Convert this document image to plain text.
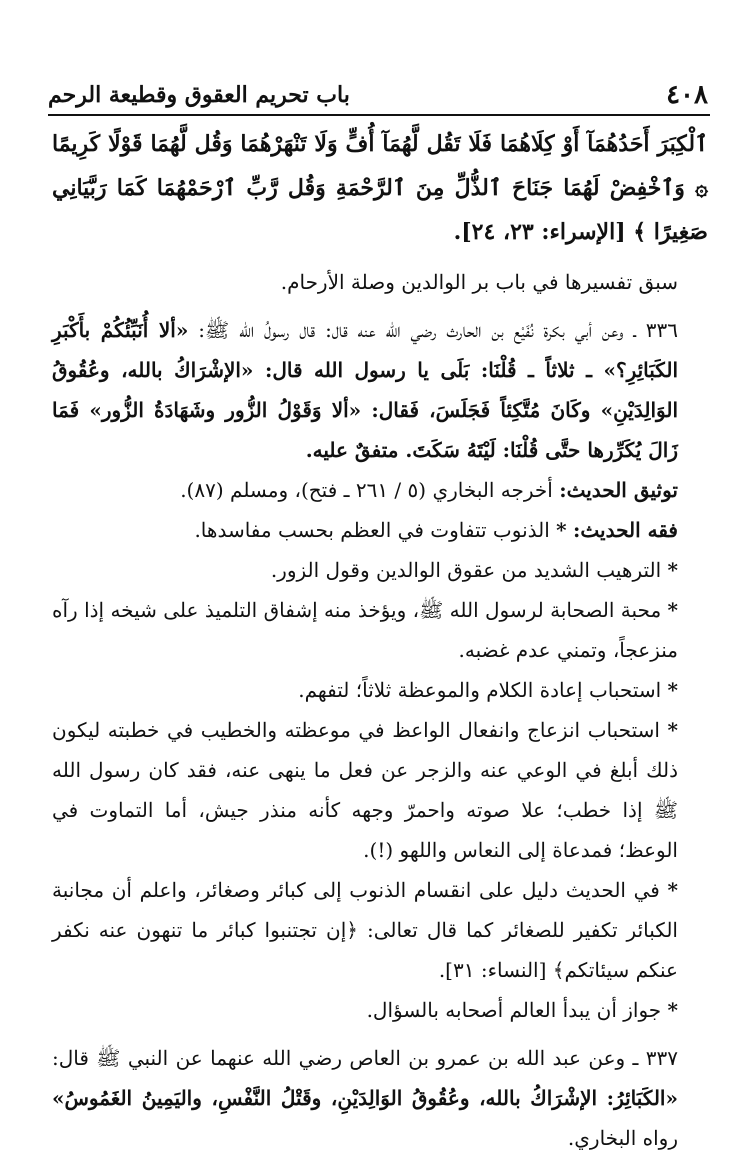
٤٠٨
باب تحريم العقوق وقطيعة الرحم

ٱلْكِبَرَ أَحَدُهُمَآ أَوْ كِلَاهُمَا فَلَا تَقُل لَّهُمَآ أُفٍّ وَلَا تَنْهَرْهُمَا وَقُل لَّهُمَا قَوْلًا كَرِيمًا ۞ وَٱخْفِضْ لَهُمَا جَنَاحَ ٱلذُّلِّ مِنَ ٱلرَّحْمَةِ وَقُل رَّبِّ ٱرْحَمْهُمَا كَمَا رَبَّيَانِي صَغِيرًا ﴾ [الإسراء: ٢٣، ٢٤].

سبق تفسيرها في باب بر الوالدين وصلة الأرحام.

٣٣٦ ـ وعن أبي بكرة نُفَيْع بن الحارث رضي الله عنه قال: قال رسولُ الله ﷺ: «ألا أُنَبِّئُكُمْ بأَكْبَرِ الكَبَائِرِ؟» ـ ثلاثاً ـ قُلْنَا: بَلَى يا رسول الله قال: «الإشْرَاكُ بالله، وعُقُوقُ الوَالِدَيْنِ» وكَانَ مُتَّكِئاً فَجَلَسَ، فَقال: «ألا وَقَوْلُ الزُّور وشَهَادَةُ الزُّور» فَمَا زَالَ يُكَرِّرها حتَّى قُلْنَا: لَيْتَهُ سَكَتَ. متفقٌ عليه.

توثيق الحديث: أخرجه البخاري (٥ / ٢٦١ ـ فتح)، ومسلم (٨٧).

فقه الحديث: * الذنوب تتفاوت في العظم بحسب مفاسدها.

* الترهيب الشديد من عقوق الوالدين وقول الزور.

* محبة الصحابة لرسول الله ﷺ، ويؤخذ منه إشفاق التلميذ على شيخه إذا رآه منزعجاً، وتمني عدم غضبه.

* استحباب إعادة الكلام والموعظة ثلاثاً؛ لتفهم.

* استحباب انزعاج وانفعال الواعظ في موعظته والخطيب في خطبته ليكون ذلك أبلغ في الوعي عنه والزجر عن فعل ما ينهى عنه، فقد كان رسول الله ﷺ إذا خطب؛ علا صوته واحمرّ وجهه كأنه منذر جيش، أما التماوت في الوعظ؛ فمدعاة إلى النعاس واللهو (!).

* في الحديث دليل على انقسام الذنوب إلى كبائر وصغائر، واعلم أن مجانبة الكبائر تكفير للصغائر كما قال تعالى: ﴿إن تجتنبوا كبائر ما تنهون عنه نكفر عنكم سيئاتكم﴾ [النساء: ٣١].

* جواز أن يبدأ العالم أصحابه بالسؤال.

٣٣٧ ـ وعن عبد الله بن عمرو بن العاص رضي الله عنهما عن النبي ﷺ قال: «الكَبَائِرُ: الإشْرَاكُ بالله، وعُقُوقُ الوَالِدَيْنِ، وقَتْلُ النَّفْسِ، واليَمِينُ الغَمُوسُ» رواه البخاري.
